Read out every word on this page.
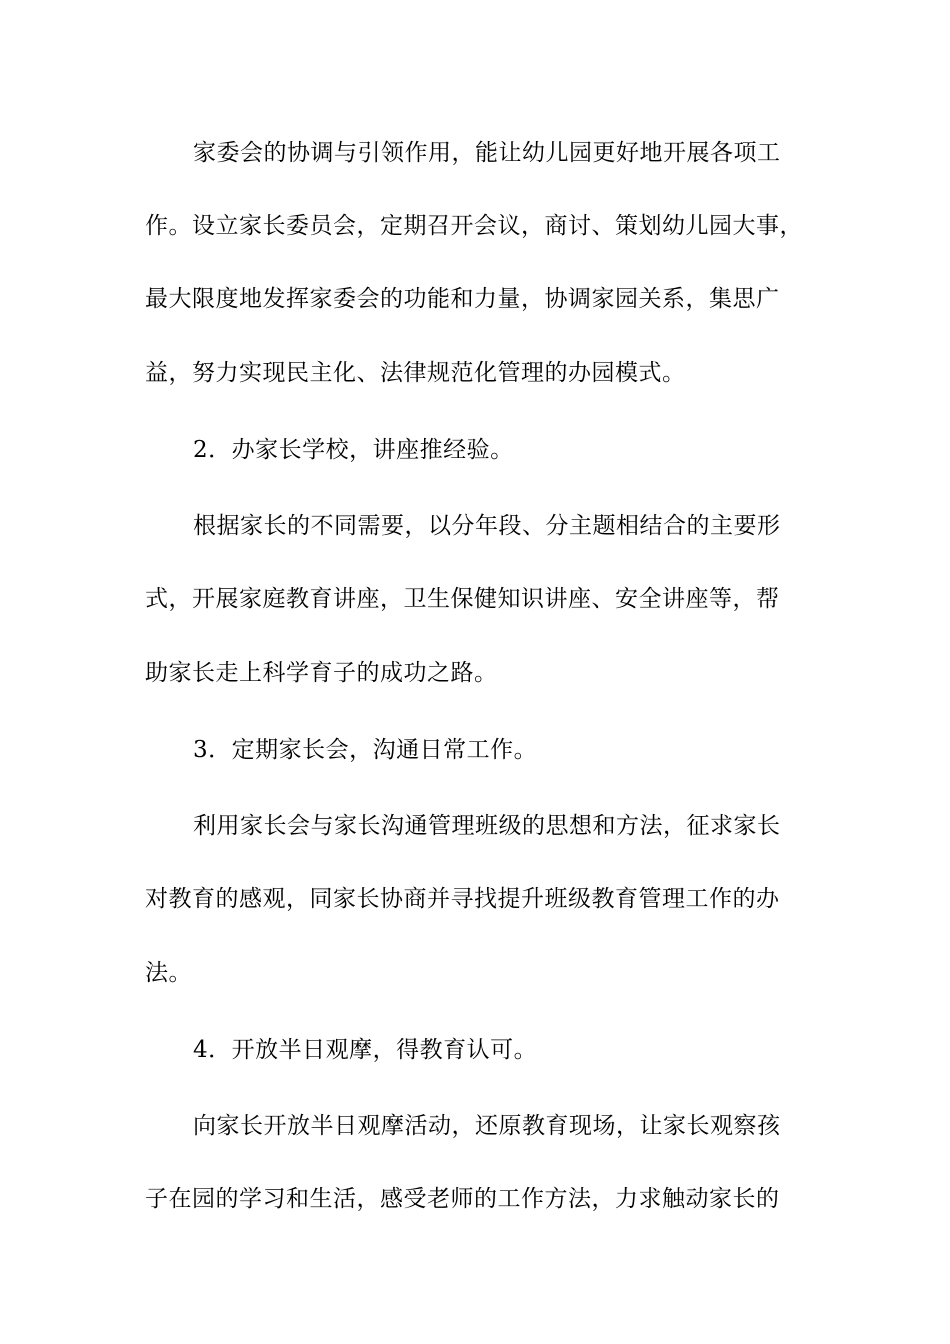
家委会的协调与引领作用，能让幼儿园更好地开展各项工
作。设立家长委员会，定期召开会议，商讨、策划幼儿园大事，
最大限度地发挥家委会的功能和力量，协调家园关系，集思广
益，努力实现民主化、法律规范化管理的办园模式。
2．办家长学校，讲座推经验。
根据家长的不同需要，以分年段、分主题相结合的主要形
式，开展家庭教育讲座，卫生保健知识讲座、安全讲座等，帮
助家长走上科学育子的成功之路。
3．定期家长会，沟通日常工作。
利用家长会与家长沟通管理班级的思想和方法，征求家长
对教育的感观，同家长协商并寻找提升班级教育管理工作的办
法。
4．开放半日观摩，得教育认可。
向家长开放半日观摩活动，还原教育现场，让家长观察孩
子在园的学习和生活，感受老师的工作方法，力求触动家长的
